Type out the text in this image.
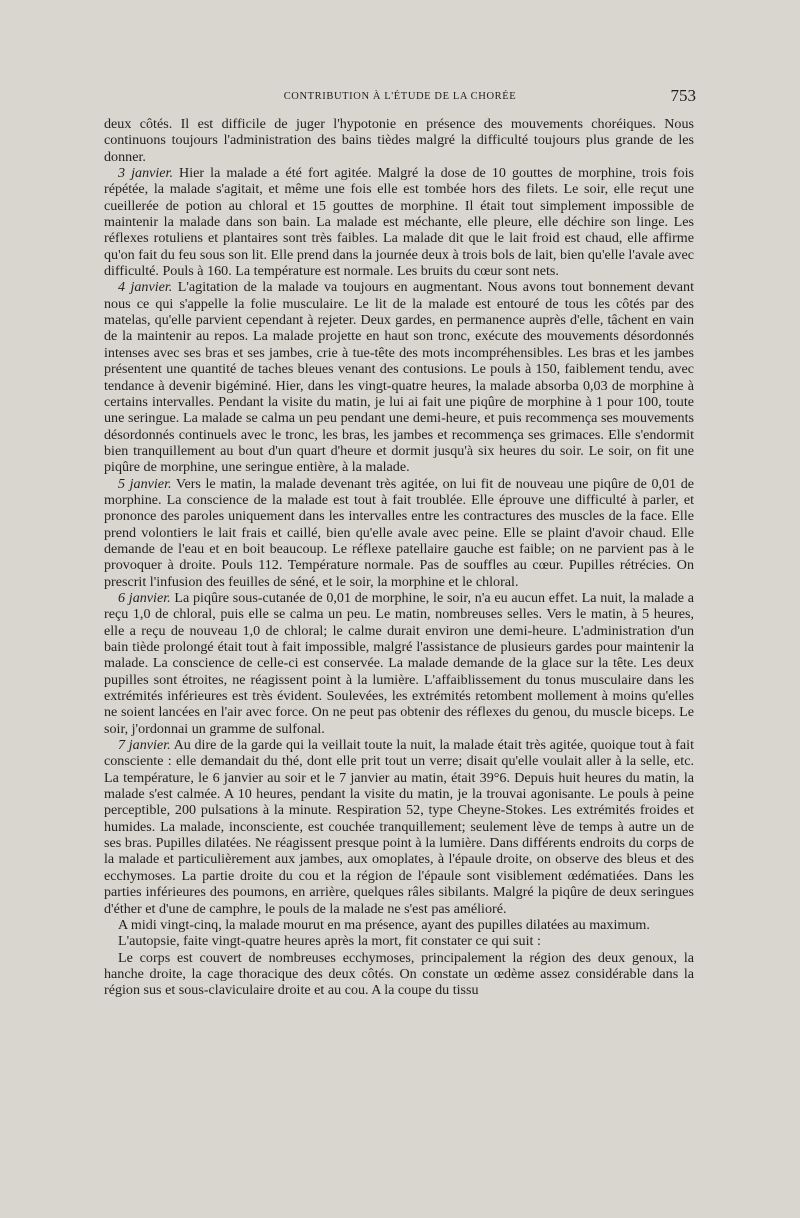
CONTRIBUTION À L'ÉTUDE DE LA CHORÉE	753

deux côtés. Il est difficile de juger l'hypotonie en présence des mouvements choréiques. Nous continuons toujours l'administration des bains tièdes malgré la difficulté toujours plus grande de les donner.

3 janvier. Hier la malade a été fort agitée. Malgré la dose de 10 gouttes de morphine, trois fois répétée, la malade s'agitait, et même une fois elle est tombée hors des filets. Le soir, elle reçut une cueillerée de potion au chloral et 15 gouttes de morphine. Il était tout simplement impossible de maintenir la malade dans son bain. La malade est méchante, elle pleure, elle déchire son linge. Les réflexes rotuliens et plantaires sont très faibles. La malade dit que le lait froid est chaud, elle affirme qu'on fait du feu sous son lit. Elle prend dans la journée deux à trois bols de lait, bien qu'elle l'avale avec difficulté. Pouls à 160. La température est normale. Les bruits du cœur sont nets.

4 janvier. L'agitation de la malade va toujours en augmentant. Nous avons tout bonnement devant nous ce qui s'appelle la folie musculaire. Le lit de la malade est entouré de tous les côtés par des matelas, qu'elle parvient cependant à rejeter. Deux gardes, en permanence auprès d'elle, tâchent en vain de la maintenir au repos. La malade projette en haut son tronc, exécute des mouvements désordonnés intenses avec ses bras et ses jambes, crie à tue-tête des mots incompréhensibles. Les bras et les jambes présentent une quantité de taches bleues venant des contusions. Le pouls à 150, faiblement tendu, avec tendance à devenir bigéminé. Hier, dans les vingt-quatre heures, la malade absorba 0,03 de morphine à certains intervalles. Pendant la visite du matin, je lui ai fait une piqûre de morphine à 1 pour 100, toute une seringue. La malade se calma un peu pendant une demi-heure, et puis recommença ses mouvements désordonnés continuels avec le tronc, les bras, les jambes et recommença ses grimaces. Elle s'endormit bien tranquillement au bout d'un quart d'heure et dormit jusqu'à six heures du soir. Le soir, on fit une piqûre de morphine, une seringue entière, à la malade.

5 janvier. Vers le matin, la malade devenant très agitée, on lui fit de nouveau une piqûre de 0,01 de morphine. La conscience de la malade est tout à fait troublée. Elle éprouve une difficulté à parler, et prononce des paroles uniquement dans les intervalles entre les contractures des muscles de la face. Elle prend volontiers le lait frais et caillé, bien qu'elle avale avec peine. Elle se plaint d'avoir chaud. Elle demande de l'eau et en boit beaucoup. Le réflexe patellaire gauche est faible; on ne parvient pas à le provoquer à droite. Pouls 112. Température normale. Pas de souffles au cœur. Pupilles rétrécies. On prescrit l'infusion des feuilles de séné, et le soir, la morphine et le chloral.

6 janvier. La piqûre sous-cutanée de 0,01 de morphine, le soir, n'a eu aucun effet. La nuit, la malade a reçu 1,0 de chloral, puis elle se calma un peu. Le matin, nombreuses selles. Vers le matin, à 5 heures, elle a reçu de nouveau 1,0 de chloral; le calme durait environ une demi-heure. L'administration d'un bain tiède prolongé était tout à fait impossible, malgré l'assistance de plusieurs gardes pour maintenir la malade. La conscience de celle-ci est conservée. La malade demande de la glace sur la tête. Les deux pupilles sont étroites, ne réagissent point à la lumière. L'affaiblissement du tonus musculaire dans les extrémités inférieures est très évident. Soulevées, les extrémités retombent mollement à moins qu'elles ne soient lancées en l'air avec force. On ne peut pas obtenir des réflexes du genou, du muscle biceps. Le soir, j'ordonnai un gramme de sulfonal.

7 janvier. Au dire de la garde qui la veillait toute la nuit, la malade était très agitée, quoique tout à fait consciente : elle demandait du thé, dont elle prit tout un verre; disait qu'elle voulait aller à la selle, etc. La température, le 6 janvier au soir et le 7 janvier au matin, était 39°6. Depuis huit heures du matin, la malade s'est calmée. A 10 heures, pendant la visite du matin, je la trouvai agonisante. Le pouls à peine perceptible, 200 pulsations à la minute. Respiration 52, type Cheyne-Stokes. Les extrémités froides et humides. La malade, inconsciente, est couchée tranquillement; seulement lève de temps à autre un de ses bras. Pupilles dilatées. Ne réagissent presque point à la lumière. Dans différents endroits du corps de la malade et particulièrement aux jambes, aux omoplates, à l'épaule droite, on observe des bleus et des ecchymoses. La partie droite du cou et la région de l'épaule sont visiblement œdématiées. Dans les parties inférieures des poumons, en arrière, quelques râles sibilants. Malgré la piqûre de deux seringues d'éther et d'une de camphre, le pouls de la malade ne s'est pas amélioré.

A midi vingt-cinq, la malade mourut en ma présence, ayant des pupilles dilatées au maximum.

L'autopsie, faite vingt-quatre heures après la mort, fit constater ce qui suit :

Le corps est couvert de nombreuses ecchymoses, principalement la région des deux genoux, la hanche droite, la cage thoracique des deux côtés. On constate un œdème assez considérable dans la région sus et sous-claviculaire droite et au cou. A la coupe du tissu
